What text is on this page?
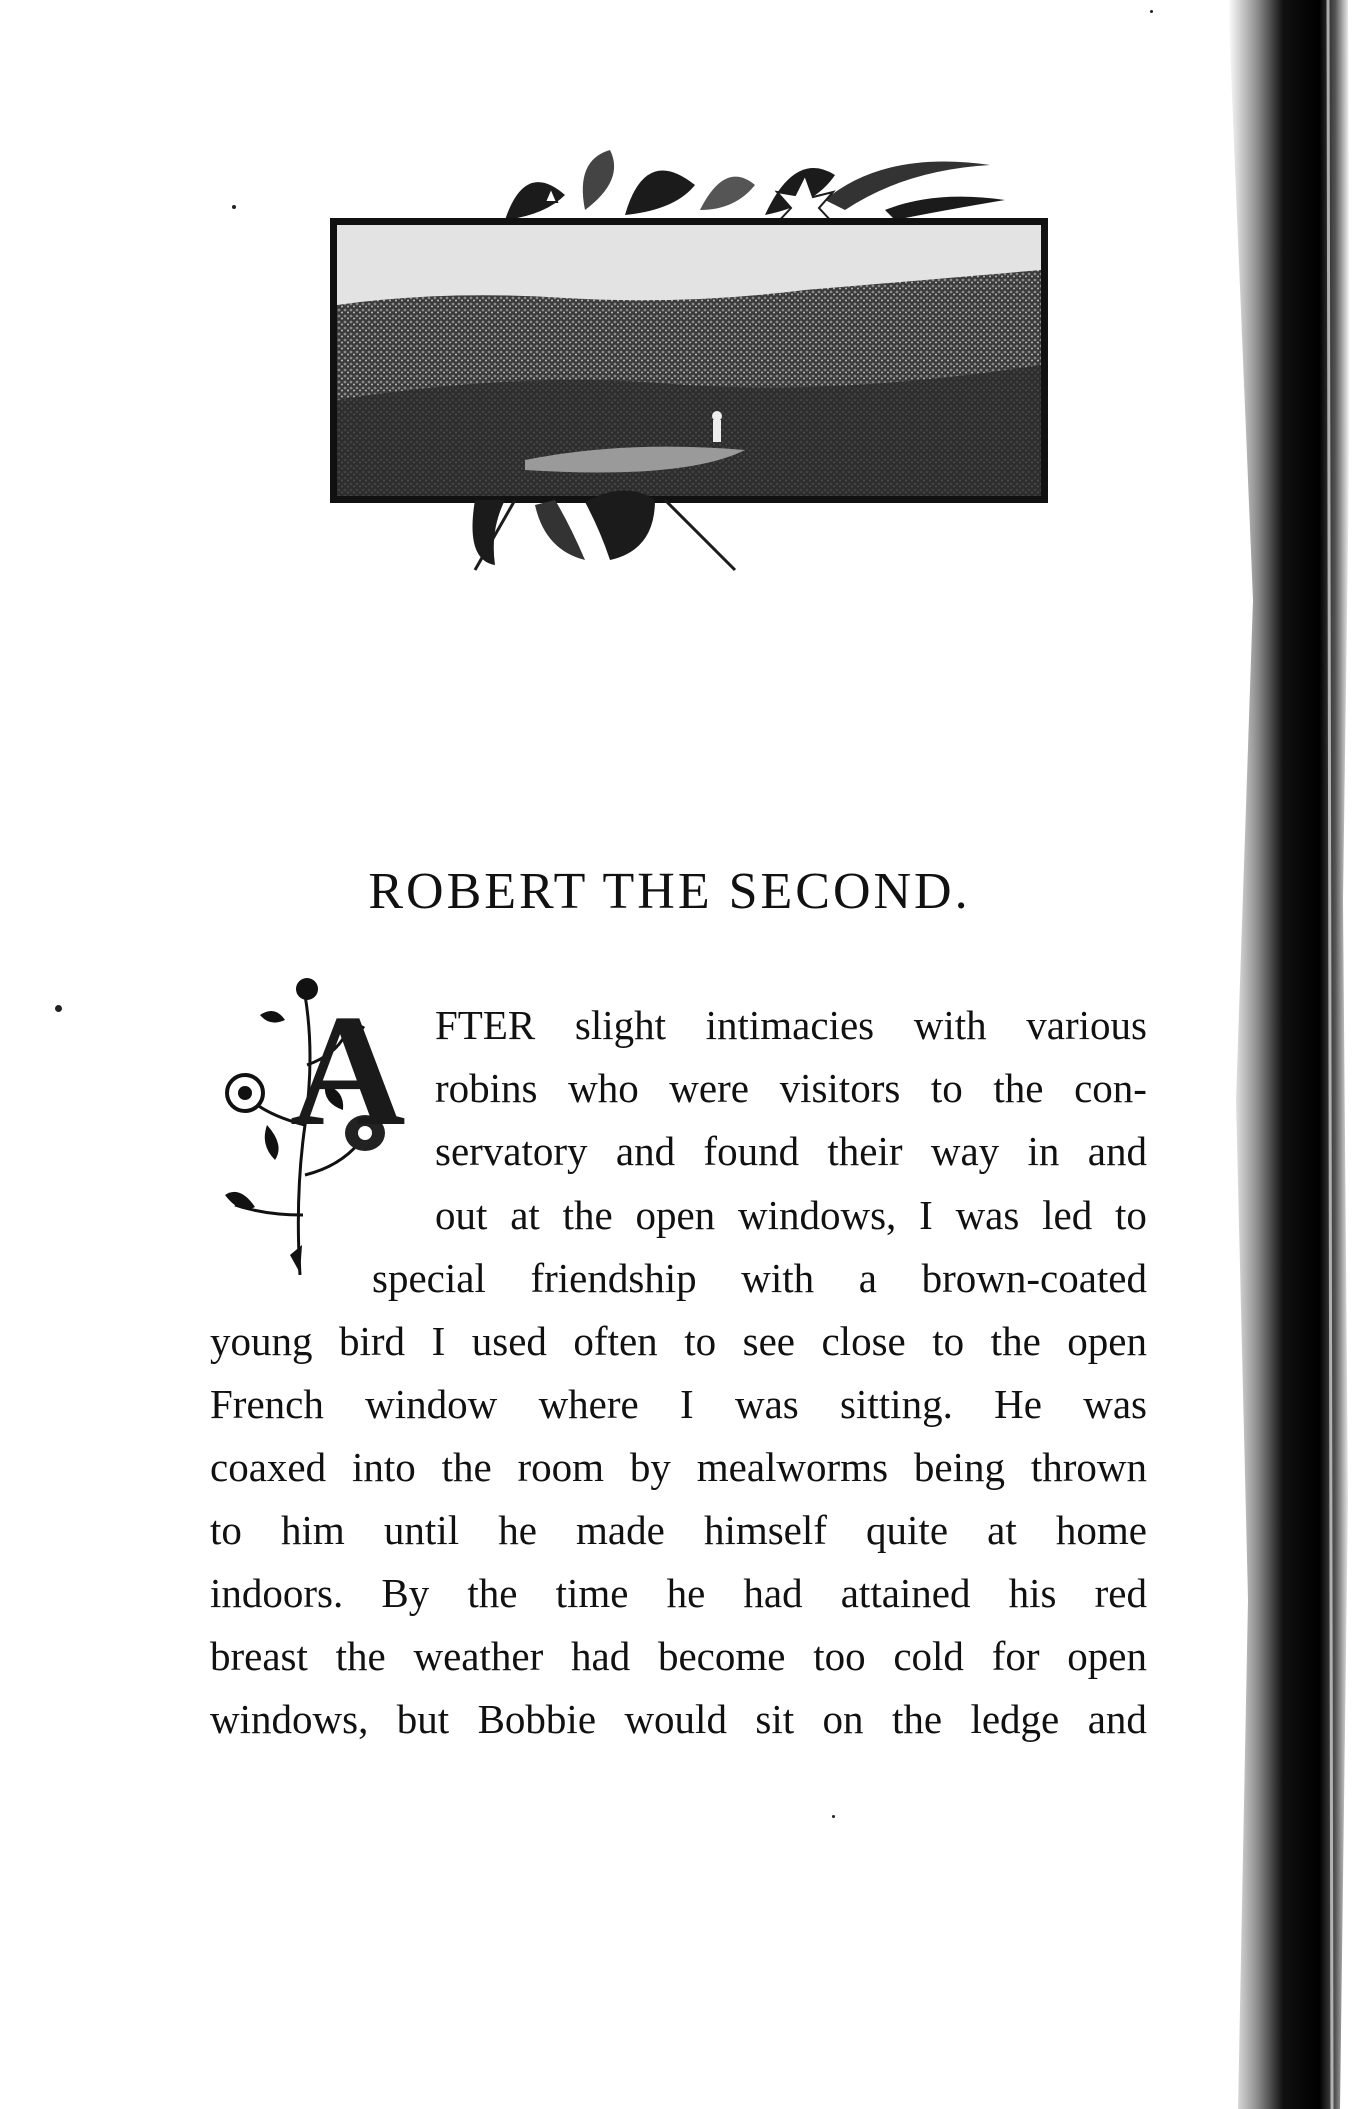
ROBERT THE SECOND.
A FTER slight intimacies with various
robins who were visitors to the con-
servatory and found their way in and
out at the open windows, I was led to
special friendship with a brown-coated
young bird I used often to see close to the open
French window where I was sitting. He was
coaxed into the room by mealworms being thrown
to him until he made himself quite at home
indoors. By the time he had attained his red
breast the weather had become too cold for open
windows, but Bobbie would sit on the ledge and
